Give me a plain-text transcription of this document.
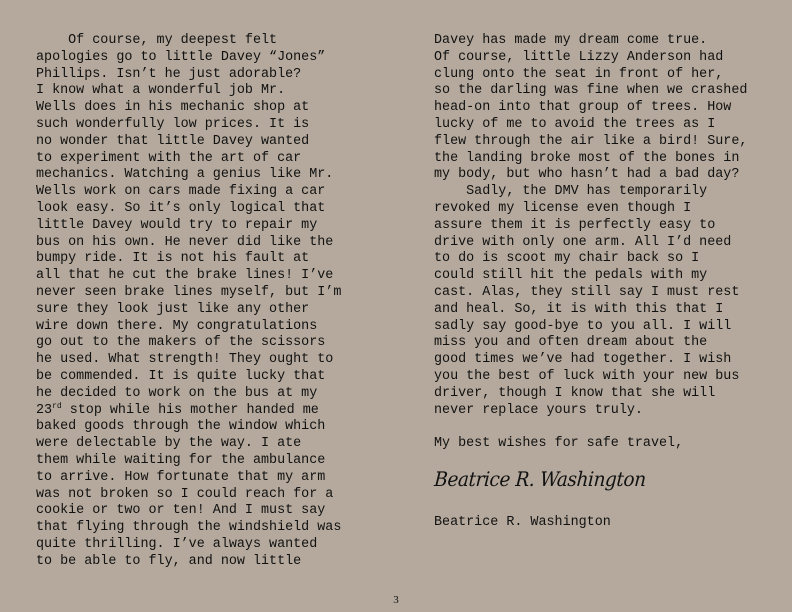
Of course, my deepest felt
apologies go to little Davey “Jones”
Phillips. Isn’t he just adorable?
I know what a wonderful job Mr.
Wells does in his mechanic shop at
such wonderfully low prices. It is
no wonder that little Davey wanted
to experiment with the art of car
mechanics. Watching a genius like Mr.
Wells work on cars made fixing a car
look easy. So it’s only logical that
little Davey would try to repair my
bus on his own. He never did like the
bumpy ride. It is not his fault at
all that he cut the brake lines! I’ve
never seen brake lines myself, but I’m
sure they look just like any other
wire down there. My congratulations
go out to the makers of the scissors
he used. What strength! They ought to
be commended. It is quite lucky that
he decided to work on the bus at my
23rd stop while his mother handed me
baked goods through the window which
were delectable by the way. I ate
them while waiting for the ambulance
to arrive. How fortunate that my arm
was not broken so I could reach for a
cookie or two or ten! And I must say
that flying through the windshield was
quite thrilling. I’ve always wanted
to be able to fly, and now little
Davey has made my dream come true.
Of course, little Lizzy Anderson had
clung onto the seat in front of her,
so the darling was fine when we crashed
head-on into that group of trees. How
lucky of me to avoid the trees as I
flew through the air like a bird! Sure,
the landing broke most of the bones in
my body, but who hasn’t had a bad day?
Sadly, the DMV has temporarily
revoked my license even though I
assure them it is perfectly easy to
drive with only one arm. All I’d need
to do is scoot my chair back so I
could still hit the pedals with my
cast. Alas, they still say I must rest
and heal. So, it is with this that I
sadly say good-bye to you all. I will
miss you and often dream about the
good times we’ve had together. I wish
you the best of luck with your new bus
driver, though I know that she will
never replace yours truly.
My best wishes for safe travel,
Beatrice R. Washington
Beatrice R. Washington
3
